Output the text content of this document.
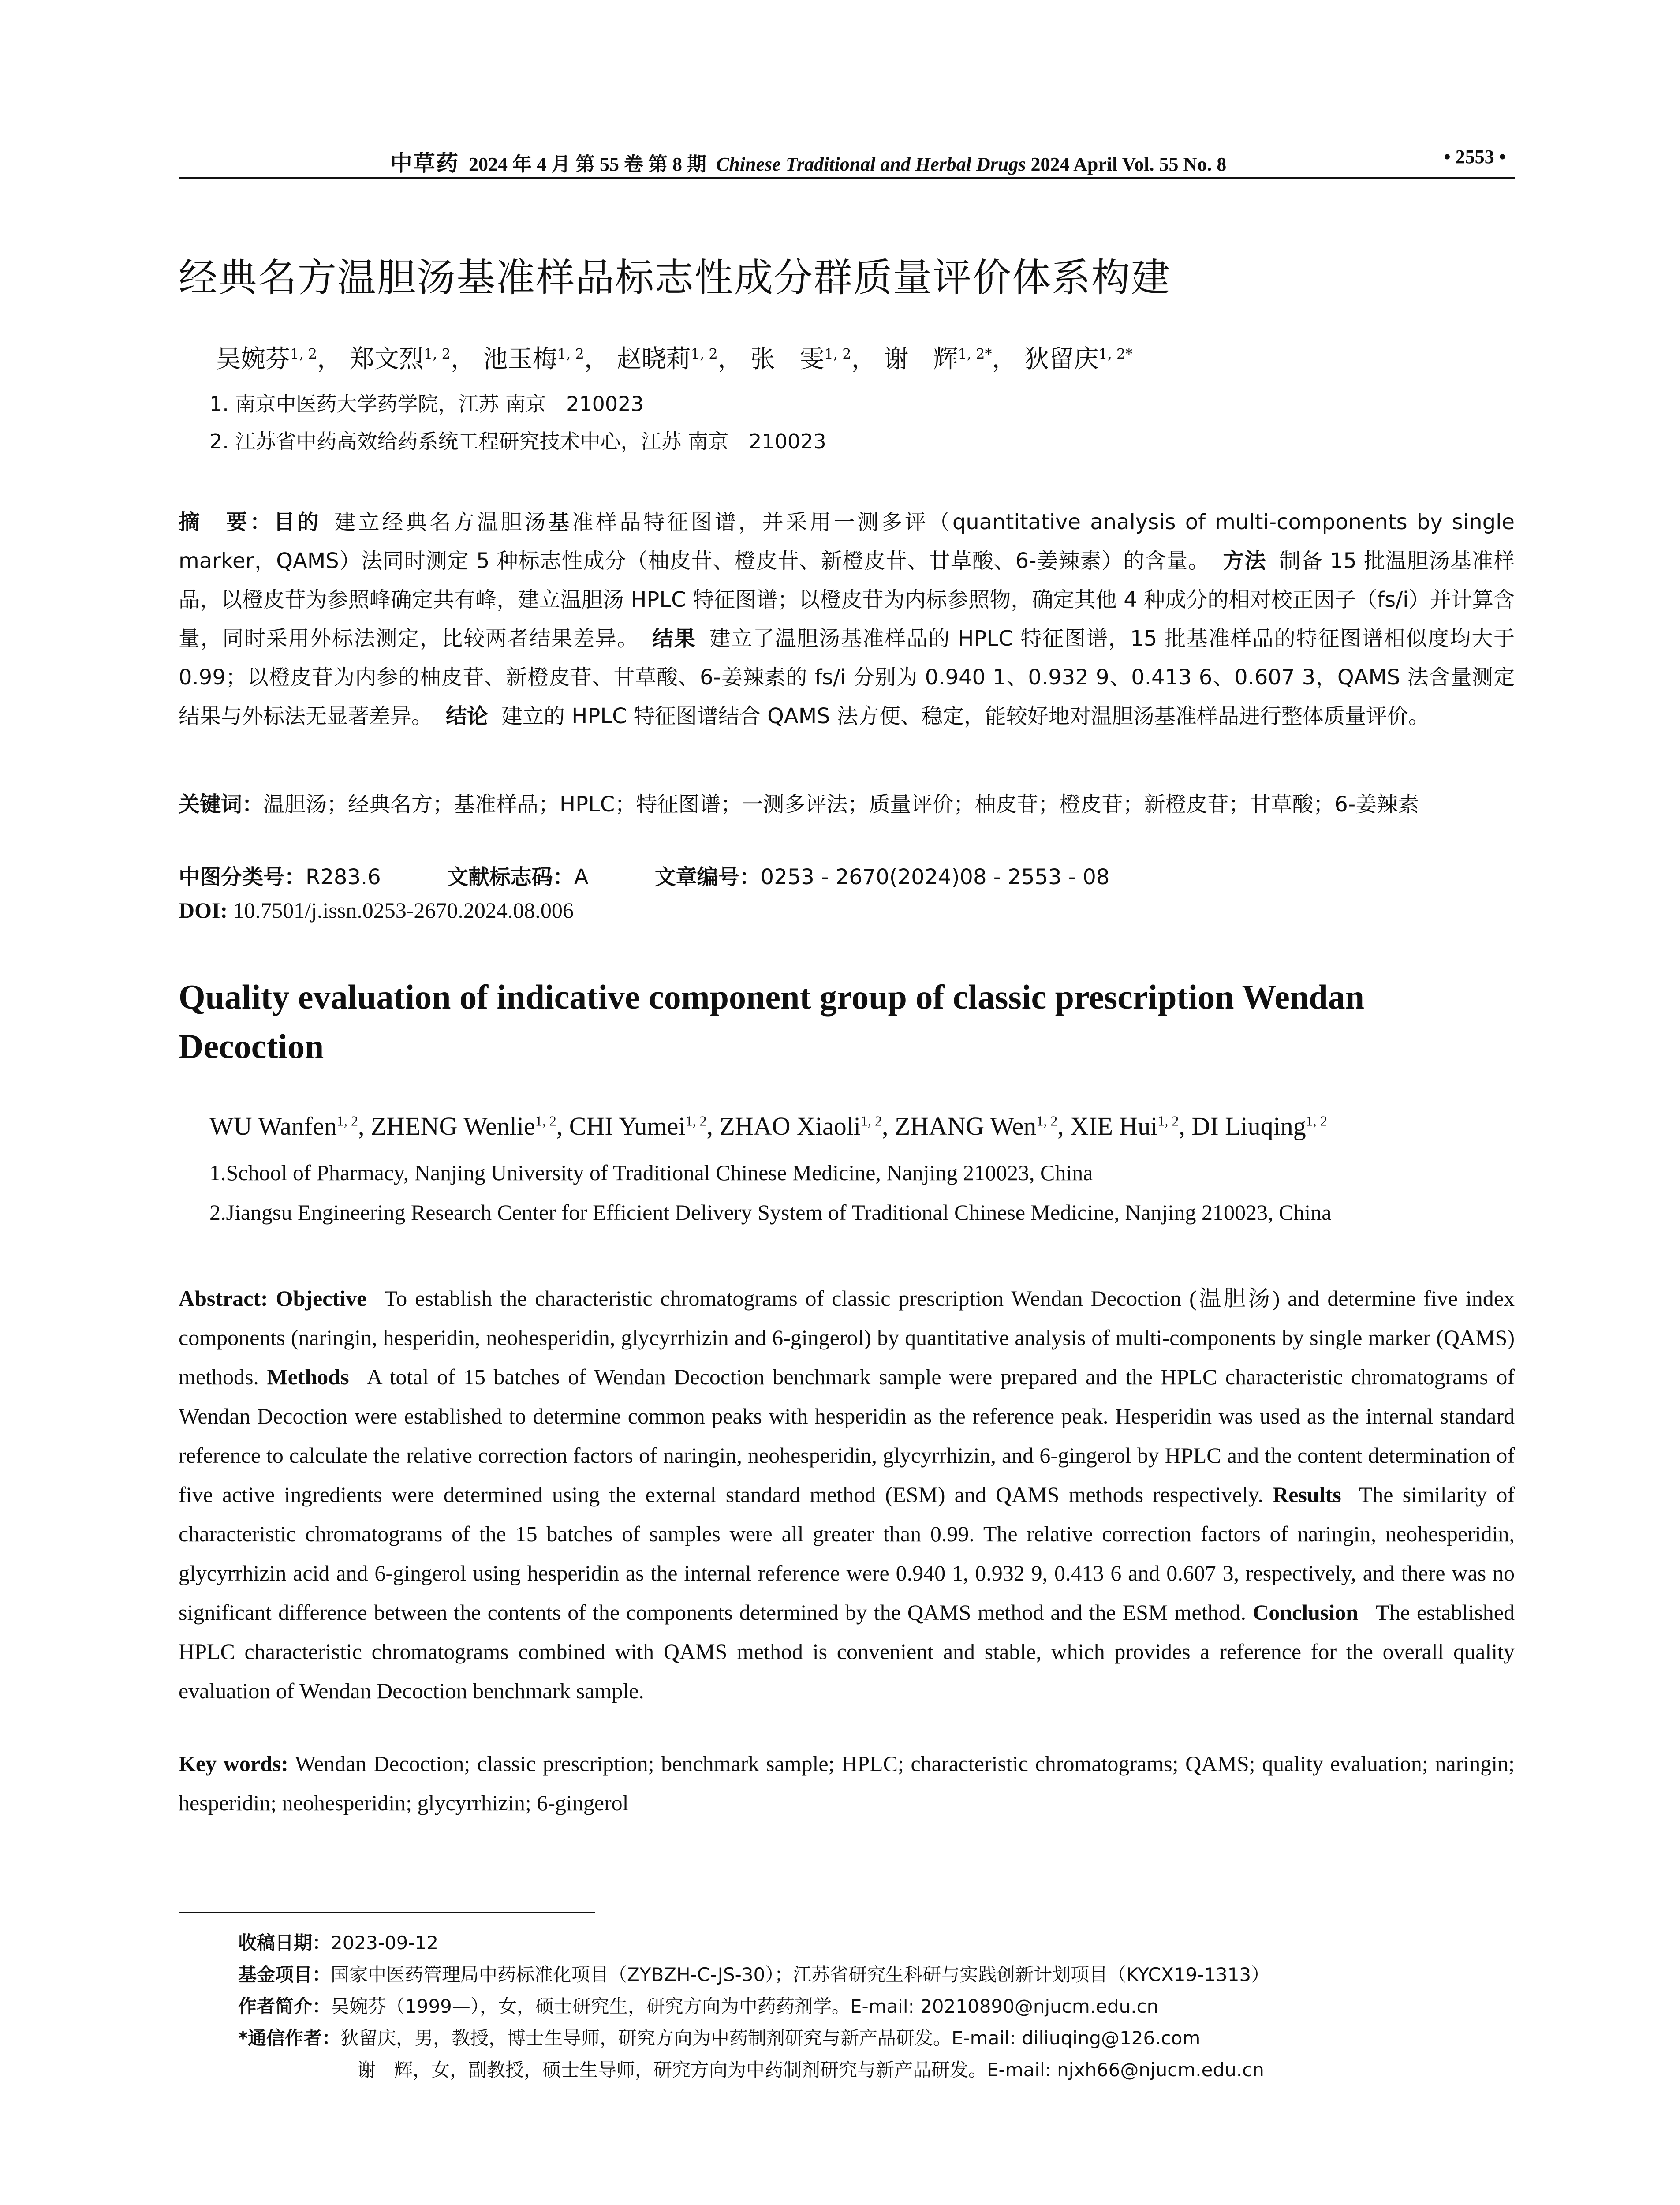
中草药 2024 年 4 月 第 55 卷 第 8 期 Chinese Traditional and Herbal Drugs 2024 April Vol. 55 No. 8	• 2553 •
经典名方温胆汤基准样品标志性成分群质量评价体系构建
吴婉芬$^{1, 2}$， 郑文烈$^{1, 2}$， 池玉梅$^{1, 2}$， 赵晓莉$^{1, 2}$， 张　雯$^{1, 2}$， 谢　辉$^{1, 2*}$， 狄留庆$^{1, 2*}$
1. 南京中医药大学药学院，江苏 南京　210023
2. 江苏省中药高效给药系统工程研究技术中心，江苏 南京　210023
摘　要：目的 建立经典名方温胆汤基准样品特征图谱，并采用一测多评（quantitative analysis of multi-components by single marker，QAMS）法同时测定 5 种标志性成分（柚皮苷、橙皮苷、新橙皮苷、甘草酸、6-姜辣素）的含量。 方法 制备 15 批温胆汤基准样品，以橙皮苷为参照峰确定共有峰，建立温胆汤 HPLC 特征图谱；以橙皮苷为内标参照物，确定其他 4 种成分的相对校正因子（fs/i）并计算含量，同时采用外标法测定，比较两者结果差异。 结果 建立了温胆汤基准样品的 HPLC 特征图谱，15 批基准样品的特征图谱相似度均大于 0.99；以橙皮苷为内参的柚皮苷、新橙皮苷、甘草酸、6-姜辣素的 fs/i 分别为 0.940 1、0.932 9、0.413 6、0.607 3，QAMS 法含量测定结果与外标法无显著差异。 结论 建立的 HPLC 特征图谱结合 QAMS 法方便、稳定，能较好地对温胆汤基准样品进行整体质量评价。
关键词：温胆汤；经典名方；基准样品；HPLC；特征图谱；一测多评法；质量评价；柚皮苷；橙皮苷；新橙皮苷；甘草酸；6-姜辣素
中图分类号：R283.6	文献标志码：A	文章编号：0253 - 2670(2024)08 - 2553 - 08
DOI: 10.7501/j.issn.0253-2670.2024.08.006
Quality evaluation of indicative component group of classic prescription Wendan Decoction
WU Wanfen$^{1, 2}$, ZHENG Wenlie$^{1, 2}$, CHI Yumei$^{1, 2}$, ZHAO Xiaoli$^{1, 2}$, ZHANG Wen$^{1, 2}$, XIE Hui$^{1, 2}$, DI Liuqing$^{1, 2}$
1.School of Pharmacy, Nanjing University of Traditional Chinese Medicine, Nanjing 210023, China
2.Jiangsu Engineering Research Center for Efficient Delivery System of Traditional Chinese Medicine, Nanjing 210023, China
Abstract: Objective To establish the characteristic chromatograms of classic prescription Wendan Decoction (温胆汤) and determine five index components (naringin, hesperidin, neohesperidin, glycyrrhizin and 6-gingerol) by quantitative analysis of multi-components by single marker (QAMS) methods. Methods A total of 15 batches of Wendan Decoction benchmark sample were prepared and the HPLC characteristic chromatograms of Wendan Decoction were established to determine common peaks with hesperidin as the reference peak. Hesperidin was used as the internal standard reference to calculate the relative correction factors of naringin, neohesperidin, glycyrrhizin, and 6-gingerol by HPLC and the content determination of five active ingredients were determined using the external standard method (ESM) and QAMS methods respectively. Results The similarity of characteristic chromatograms of the 15 batches of samples were all greater than 0.99. The relative correction factors of naringin, neohesperidin, glycyrrhizin acid and 6-gingerol using hesperidin as the internal reference were 0.940 1, 0.932 9, 0.413 6 and 0.607 3, respectively, and there was no significant difference between the contents of the components determined by the QAMS method and the ESM method. Conclusion The established HPLC characteristic chromatograms combined with QAMS method is convenient and stable, which provides a reference for the overall quality evaluation of Wendan Decoction benchmark sample.
Key words: Wendan Decoction; classic prescription; benchmark sample; HPLC; characteristic chromatograms; QAMS; quality evaluation; naringin; hesperidin; neohesperidin; glycyrrhizin; 6-gingerol
收稿日期：2023-09-12
基金项目：国家中医药管理局中药标准化项目（ZYBZH-C-JS-30）；江苏省研究生科研与实践创新计划项目（KYCX19-1313）
作者简介：吴婉芬（1999—），女，硕士研究生，研究方向为中药药剂学。E-mail: 20210890@njucm.edu.cn
*通信作者：狄留庆，男，教授，博士生导师，研究方向为中药制剂研究与新产品研发。E-mail: diliuqing@126.com
谢　辉，女，副教授，硕士生导师，研究方向为中药制剂研究与新产品研发。E-mail: njxh66@njucm.edu.cn
